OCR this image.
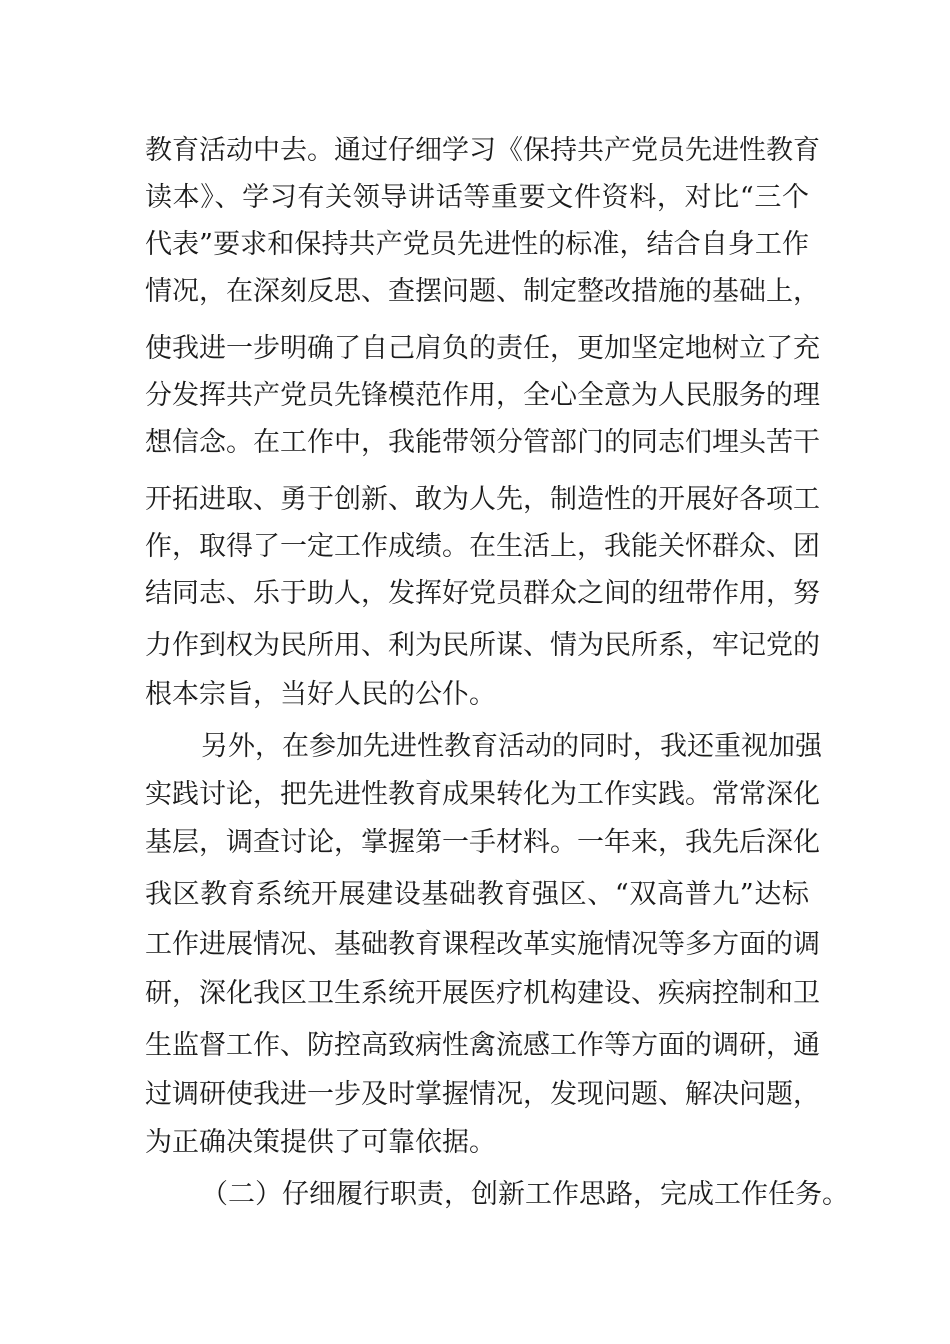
教育活动中去。通过仔细学习《保持共产党员先进性教育
读本》、学习有关领导讲话等重要文件资料，对比“三个
代表”要求和保持共产党员先进性的标准，结合自身工作
情况，在深刻反思、查摆问题、制定整改措施的基础上，
使我进一步明确了自己肩负的责任，更加坚定地树立了充
分发挥共产党员先锋模范作用，全心全意为人民服务的理
想信念。在工作中，我能带领分管部门的同志们埋头苦干
开拓进取、勇于创新、敢为人先，制造性的开展好各项工
作，取得了一定工作成绩。在生活上，我能关怀群众、团
结同志、乐于助人，发挥好党员群众之间的纽带作用，努
力作到权为民所用、利为民所谋、情为民所系，牢记党的
根本宗旨，当好人民的公仆。
另外，在参加先进性教育活动的同时，我还重视加强
实践讨论，把先进性教育成果转化为工作实践。常常深化
基层，调查讨论，掌握第一手材料。一年来，我先后深化
我区教育系统开展建设基础教育强区、“双高普九”达标
工作进展情况、基础教育课程改革实施情况等多方面的调
研，深化我区卫生系统开展医疗机构建设、疾病控制和卫
生监督工作、防控高致病性禽流感工作等方面的调研，通
过调研使我进一步及时掌握情况，发现问题、解决问题，
为正确决策提供了可靠依据。
（二）仔细履行职责，创新工作思路，完成工作任务。
